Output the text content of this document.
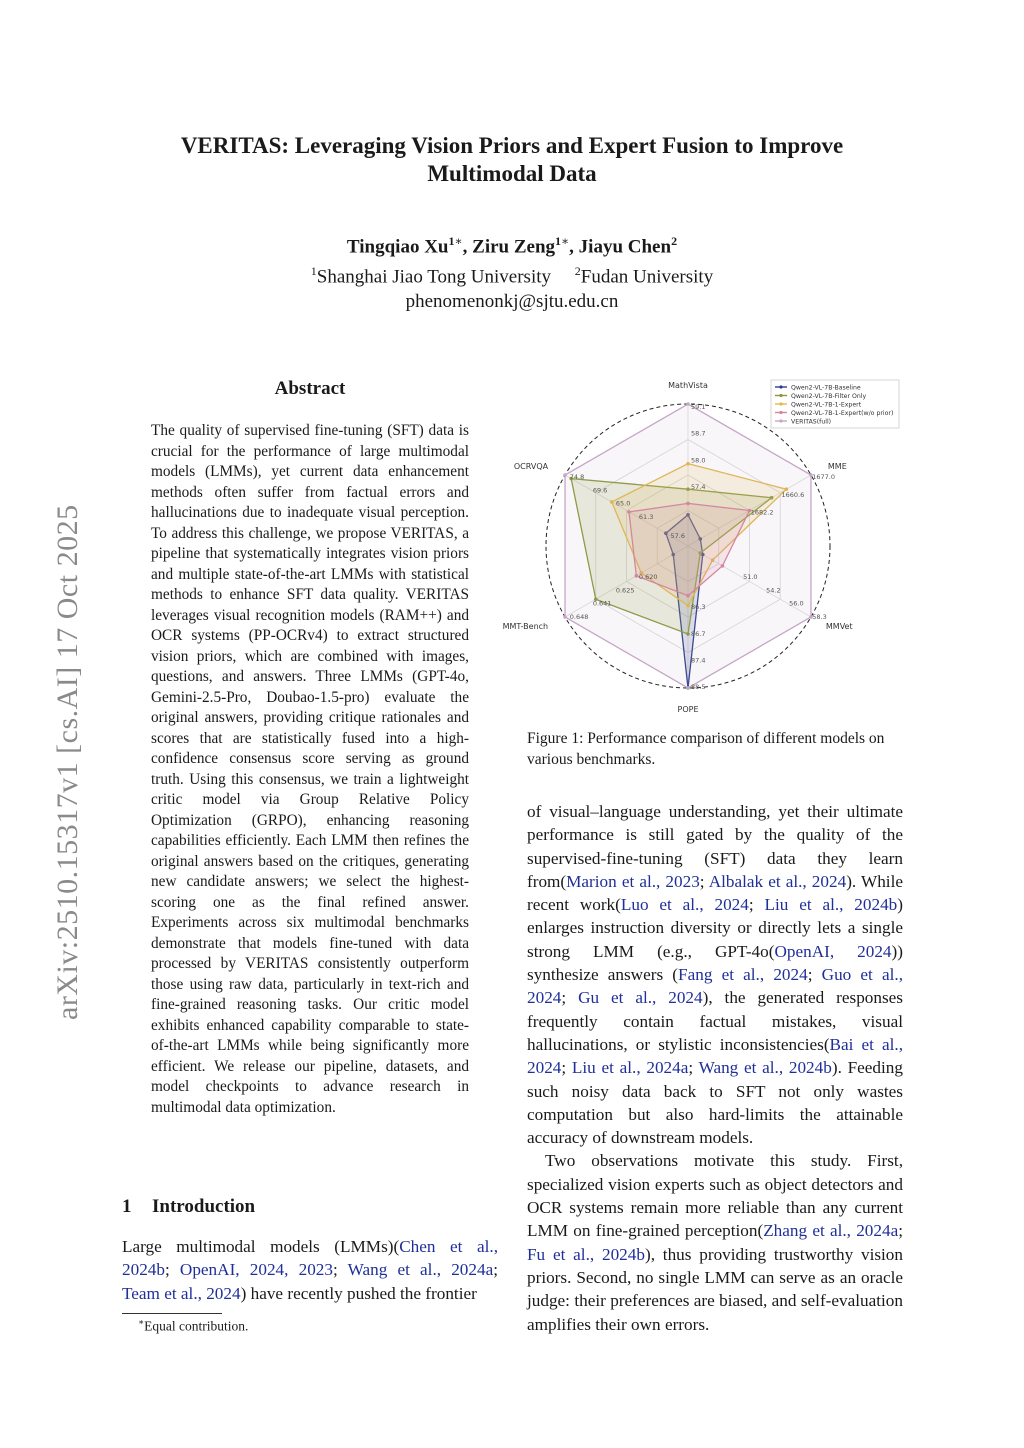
arXiv:2510.15317v1 [cs.AI] 17 Oct 2025
VERITAS: Leveraging Vision Priors and Expert Fusion to Improve
Multimodal Data
Tingqiao $Xu^{1∗}$, Ziru Zeng$^{1∗}$, Jiayu Chen$^2$
$^1$Shanghai Jiao Tong University $^2$Fudan University
phenomenonkj@sjtu.edu.cn
Abstract
The quality of supervised fine-tuning (SFT) data is crucial for the performance of large multimodal models (LMMs), yet current data enhancement methods often suffer from factual errors and hallucinations due to inadequate visual perception. To address this challenge, we propose VERITAS, a pipeline that systematically integrates vision priors and multiple state-of-the-art LMMs with statistical methods to enhance SFT data quality. VERITAS leverages visual recognition models (RAM++) and OCR systems (PP-OCRv4) to extract structured vision priors, which are combined with images, questions, and answers. Three LMMs (GPT-4o, Gemini-2.5-Pro, Doubao-1.5-pro) evaluate the original answers, providing critique rationales and scores that are statistically fused into a high-confidence consensus score serving as ground truth. Using this consensus, we train a lightweight critic model via Group Relative Policy Optimization (GRPO), enhancing reasoning capabilities efficiently. Each LMM then refines the original answers based on the critiques, generating new candidate answers; we select the highest-scoring one as the final refined answer. Experiments across six multimodal benchmarks demonstrate that models fine-tuned with data processed by VERITAS consistently outperform those using raw data, particularly in text-rich and fine-grained reasoning tasks. Our critic model exhibits enhanced capability comparable to state-of-the-art LMMs while being significantly more efficient. We release our pipeline, datasets, and model checkpoints to advance research in multimodal data optimization.
1 Introduction
Large multimodal models (LMMs)(Chen et al., 2024b; OpenAI, 2024, 2023; Wang et al., 2024a; Team et al., 2024) have recently pushed the frontier
∗Equal contribution.
MathVista
57.4
58.0
58.7
59.1
MME
1682.2
1660.6
1677.0
MMVet
51.0
54.2
56.0
58.3
POPE
86.3
86.7
87.4
88.5
MMT-Bench
0.620
0.625
0.641
0.648
OCRVQA
61.3
65.0
69.6
74.8
57.6
Qwen2-VL-7B-Baseline
Qwen2-VL-7B-Filter Only
Qwen2-VL-7B-1-Expert
Qwen2-VL-7B-1-Expert(w/o prior)
VERITAS(full)
Figure 1: Performance comparison of different models on various benchmarks.

of visual–language understanding, yet their ultimate performance is still gated by the quality of the supervised-fine-tuning (SFT) data they learn from(Marion et al., 2023; Albalak et al., 2024). While recent work(Luo et al., 2024; Liu et al., 2024b) enlarges instruction diversity or directly lets a single strong LMM (e.g., GPT-4o(OpenAI, 2024)) synthesize answers (Fang et al., 2024; Guo et al., 2024; Gu et al., 2024), the generated responses frequently contain factual mistakes, visual hallucinations, or stylistic inconsistencies(Bai et al., 2024; Liu et al., 2024a; Wang et al., 2024b). Feeding such noisy data back to SFT not only wastes computation but also hard-limits the attainable accuracy of downstream models.

Two observations motivate this study. First, specialized vision experts such as object detectors and OCR systems remain more reliable than any current LMM on fine-grained perception(Zhang et al., 2024a; Fu et al., 2024b), thus providing trustworthy vision priors. Second, no single LMM can serve as an oracle judge: their preferences are biased, and self-evaluation amplifies their own errors.
